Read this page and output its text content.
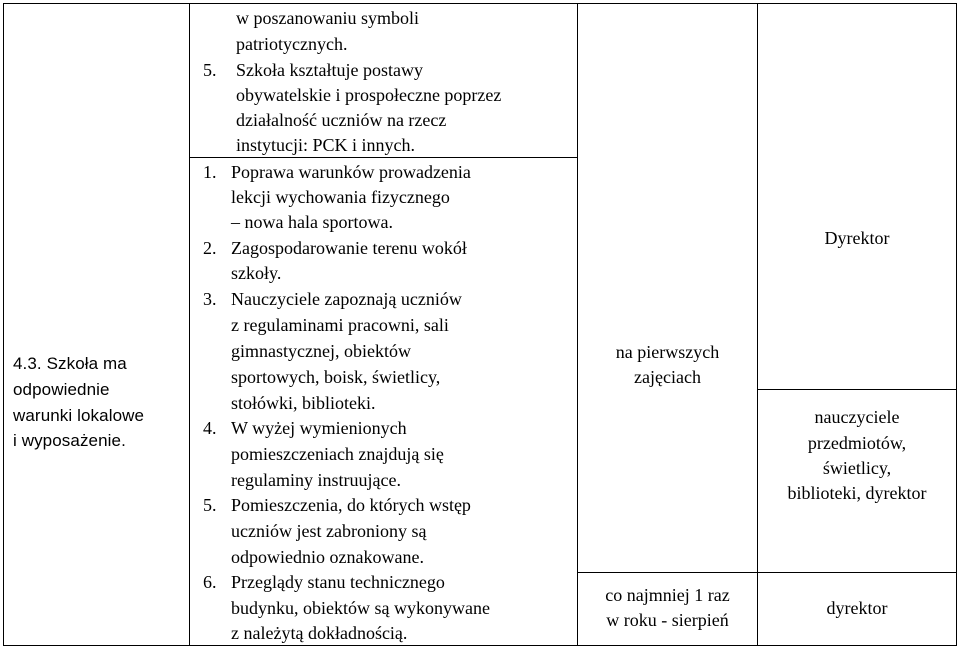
4.3. Szkoła ma
odpowiednie
warunki lokalowe
i wyposażenie.
w poszanowaniu symboli
patriotycznych.
5. Szkoła kształtuje postawy
obywatelskie i prospołeczne poprzez
działalność uczniów na rzecz
instytucji: PCK i innych.
1. Poprawa warunków prowadzenia
lekcji wychowania fizycznego
– nowa hala sportowa.
2. Zagospodarowanie terenu wokół
szkoły.
3. Nauczyciele zapoznają uczniów
z regulaminami pracowni, sali
gimnastycznej, obiektów
sportowych, boisk, świetlicy,
stołówki, biblioteki.
4. W wyżej wymienionych
pomieszczeniach znajdują się
regulaminy instruujące.
5. Pomieszczenia, do których wstęp
uczniów jest zabroniony są
odpowiednio oznakowane.
6. Przeglądy stanu technicznego
budynku, obiektów są wykonywane
z należytą dokładnością.
na pierwszych
zajęciach
co najmniej 1 raz
w roku - sierpień
Dyrektor
nauczyciele
przedmiotów,
świetlicy,
biblioteki, dyrektor
dyrektor
